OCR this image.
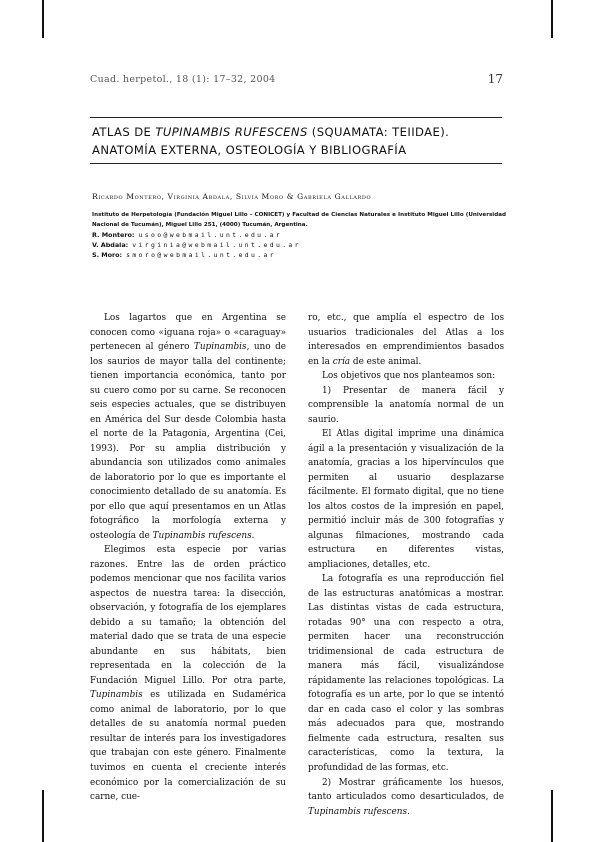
Cuad. herpetol., 18 (1): 17–32, 2004	17
ATLAS DE TUPINAMBIS RUFESCENS (SQUAMATA: TEIIDAE).
ANATOMÍA EXTERNA, OSTEOLOGÍA Y BIBLIOGRAFÍA
Ricardo Montero, Virginia Abdala, Silvia Moro & Gabriela Gallardo
Instituto de Herpetología (Fundación Miguel Lillo – CONICET) y Facultad de Ciencias Naturales e Instituto Miguel Lillo (Universidad Nacional de Tucumán), Miguel Lillo 251, (4000) Tucumán, Argentina.
R. Montero: usoo@webmail.unt.edu.ar
V. Abdala: virginia@webmail.unt.edu.ar
S. Moro: smoro@webmail.unt.edu.ar

Los lagartos que en Argentina se conocen como «iguana roja» o «caraguay» pertenecen al género Tupinambis, uno de los saurios de mayor talla del continente; tienen importancia económica, tanto por su cuero como por su carne. Se reconocen seis especies actuales, que se distribuyen en América del Sur desde Colombia hasta el norte de la Patagonia, Argentina (Cei, 1993). Por su amplia distribución y abundancia son utilizados como animales de laboratorio por lo que es importante el conocimiento detallado de su anatomía. Es por ello que aquí presentamos en un Atlas fotográfico la morfología externa y osteología de Tupinambis rufescens.

Elegimos esta especie por varias razones. Entre las de orden práctico podemos mencionar que nos facilita varios aspectos de nuestra tarea: la disección, observación, y fotografía de los ejemplares debido a su tamaño; la obtención del material dado que se trata de una especie abundante en sus hábitats, bien representada en la colección de la Fundación Miguel Lillo. Por otra parte, Tupinambis es utilizada en Sudamérica como animal de laboratorio, por lo que detalles de su anatomía normal pueden resultar de interés para los investigadores que trabajan con este género. Finalmente tuvimos en cuenta el creciente interés económico por la comercialización de su carne, cue-

ro, etc., que amplía el espectro de los usuarios tradicionales del Atlas a los interesados en emprendimientos basados en la cría de este animal.

Los objetivos que nos planteamos son:

1) Presentar de manera fácil y comprensible la anatomía normal de un saurio.

El Atlas digital imprime una dinámica ágil a la presentación y visualización de la anatomía, gracias a los hipervínculos que permiten al usuario desplazarse fácilmente. El formato digital, que no tiene los altos costos de la impresión en papel, permitió incluir más de 300 fotografías y algunas filmaciones, mostrando cada estructura en diferentes vistas, ampliaciones, detalles, etc.

La fotografía es una reproducción fiel de las estructuras anatómicas a mostrar. Las distintas vistas de cada estructura, rotadas 90° una con respecto a otra, permiten hacer una reconstrucción tridimensional de cada estructura de manera más fácil, visualizándose rápidamente las relaciones topológicas. La fotografía es un arte, por lo que se intentó dar en cada caso el color y las sombras más adecuados para que, mostrando fielmente cada estructura, resalten sus características, como la textura, la profundidad de las formas, etc.

2) Mostrar gráficamente los huesos, tanto articulados como desarticulados, de Tupinambis rufescens.
